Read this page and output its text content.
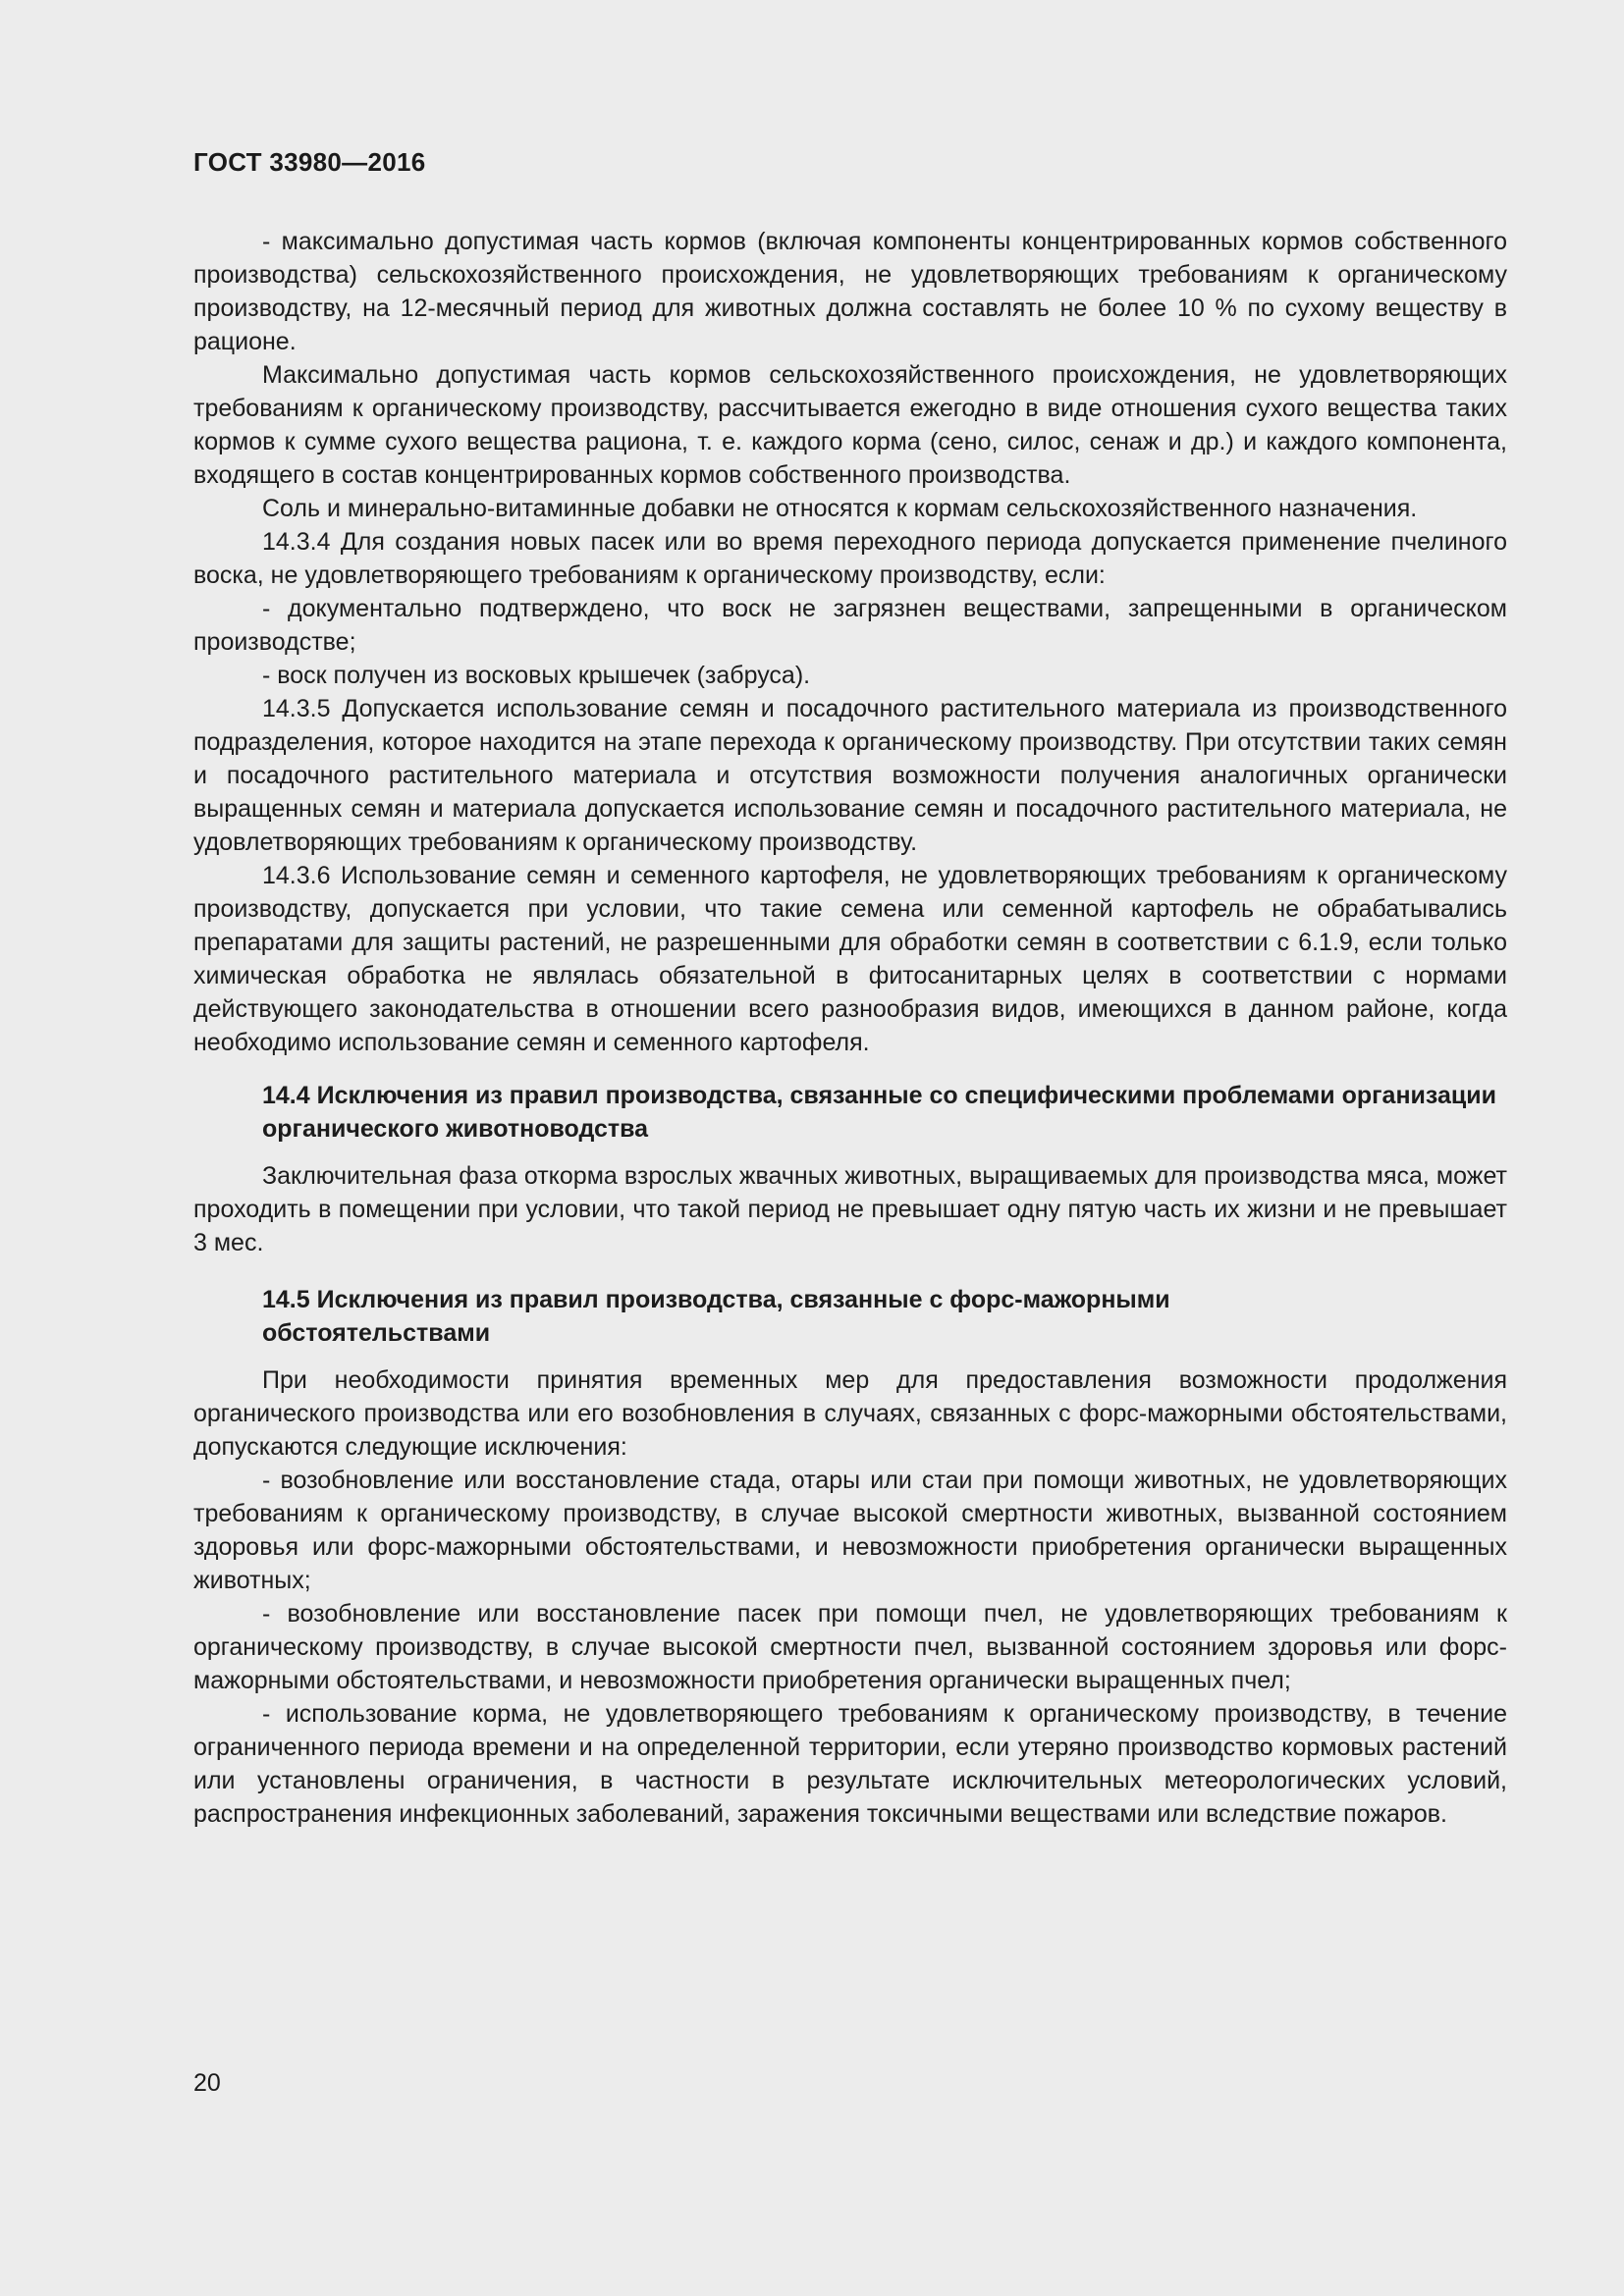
ГОСТ 33980—2016

- максимально допустимая часть кормов (включая компоненты концентрированных кормов собственного производства) сельскохозяйственного происхождения, не удовлетворяющих требованиям к органическому производству, на 12-месячный период для животных должна составлять не более 10 % по сухому веществу в рационе.

Максимально допустимая часть кормов сельскохозяйственного происхождения, не удовлетворяющих требованиям к органическому производству, рассчитывается ежегодно в виде отношения сухого вещества таких кормов к сумме сухого вещества рациона, т. е. каждого корма (сено, силос, сенаж и др.) и каждого компонента, входящего в состав концентрированных кормов собственного производства.

Соль и минерально-витаминные добавки не относятся к кормам сельскохозяйственного назначения.

14.3.4 Для создания новых пасек или во время переходного периода допускается применение пчелиного воска, не удовлетворяющего требованиям к органическому производству, если:

- документально подтверждено, что воск не загрязнен веществами, запрещенными в органическом производстве;

- воск получен из восковых крышечек (забруса).

14.3.5 Допускается использование семян и посадочного растительного материала из производственного подразделения, которое находится на этапе перехода к органическому производству. При отсутствии таких семян и посадочного растительного материала и отсутствия возможности получения аналогичных органически выращенных семян и материала допускается использование семян и посадочного растительного материала, не удовлетворяющих требованиям к органическому производству.

14.3.6 Использование семян и семенного картофеля, не удовлетворяющих требованиям к органическому производству, допускается при условии, что такие семена или семенной картофель не обрабатывались препаратами для защиты растений, не разрешенными для обработки семян в соответствии с 6.1.9, если только химическая обработка не являлась обязательной в фитосанитарных целях в соответствии с нормами действующего законодательства в отношении всего разнообразия видов, имеющихся в данном районе, когда необходимо использование семян и семенного картофеля.

14.4 Исключения из правил производства, связанные со специфическими проблемами организации органического животноводства

Заключительная фаза откорма взрослых жвачных животных, выращиваемых для производства мяса, может проходить в помещении при условии, что такой период не превышает одну пятую часть их жизни и не превышает 3 мес.

14.5 Исключения из правил производства, связанные с форс-мажорными обстоятельствами

При необходимости принятия временных мер для предоставления возможности продолжения органического производства или его возобновления в случаях, связанных с форс-мажорными обстоятельствами, допускаются следующие исключения:

- возобновление или восстановление стада, отары или стаи при помощи животных, не удовлетворяющих требованиям к органическому производству, в случае высокой смертности животных, вызванной состоянием здоровья или форс-мажорными обстоятельствами, и невозможности приобретения органически выращенных животных;

- возобновление или восстановление пасек при помощи пчел, не удовлетворяющих требованиям к органическому производству, в случае высокой смертности пчел, вызванной состоянием здоровья или форс-мажорными обстоятельствами, и невозможности приобретения органически выращенных пчел;

- использование корма, не удовлетворяющего требованиям к органическому производству, в течение ограниченного периода времени и на определенной территории, если утеряно производство кормовых растений или установлены ограничения, в частности в результате исключительных метеорологических условий, распространения инфекционных заболеваний, заражения токсичными веществами или вследствие пожаров.

20
